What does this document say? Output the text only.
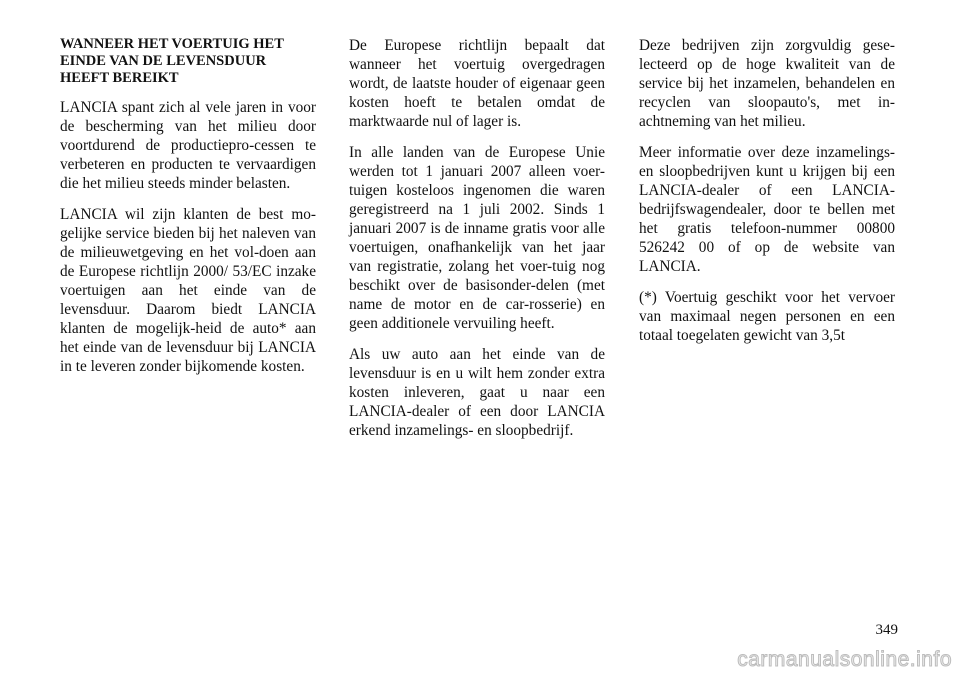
WANNEER HET VOERTUIG HET EINDE VAN DE LEVENSDUUR HEEFT BEREIKT

LANCIA spant zich al vele jaren in voor de bescherming van het milieu door voortdurend de productiepro-cessen te verbeteren en producten te vervaardigen die het milieu steeds minder belasten.

LANCIA wil zijn klanten de best mo-gelijke service bieden bij het naleven van de milieuwetgeving en het vol-doen aan de Europese richtlijn 2000/ 53/EC inzake voertuigen aan het einde van de levensduur. Daarom biedt LANCIA klanten de mogelijk-heid de auto* aan het einde van de levensduur bij LANCIA in te leveren zonder bijkomende kosten.

De Europese richtlijn bepaalt dat wanneer het voertuig overgedragen wordt, de laatste houder of eigenaar geen kosten hoeft te betalen omdat de marktwaarde nul of lager is.

In alle landen van de Europese Unie werden tot 1 januari 2007 alleen voer-tuigen kosteloos ingenomen die waren geregistreerd na 1 juli 2002. Sinds 1 januari 2007 is de inname gratis voor alle voertuigen, onafhankelijk van het jaar van registratie, zolang het voer-tuig nog beschikt over de basisonder-delen (met name de motor en de car-rosserie) en geen additionele vervuiling heeft.

Als uw auto aan het einde van de levensduur is en u wilt hem zonder extra kosten inleveren, gaat u naar een LANCIA-dealer of een door LANCIA erkend inzamelings- en sloopbedrijf.

Deze bedrijven zijn zorgvuldig gese-lecteerd op de hoge kwaliteit van de service bij het inzamelen, behandelen en recyclen van sloopauto's, met in-achtneming van het milieu.

Meer informatie over deze inzamelings- en sloopbedrijven kunt u krijgen bij een LANCIA-dealer of een LANCIA-bedrijfswagendealer, door te bellen met het gratis telefoon-nummer 00800 526242 00 of op de website van LANCIA.

(*) Voertuig geschikt voor het vervoer van maximaal negen personen en een totaal toegelaten gewicht van 3,5t

349
carmanualsonline.info
